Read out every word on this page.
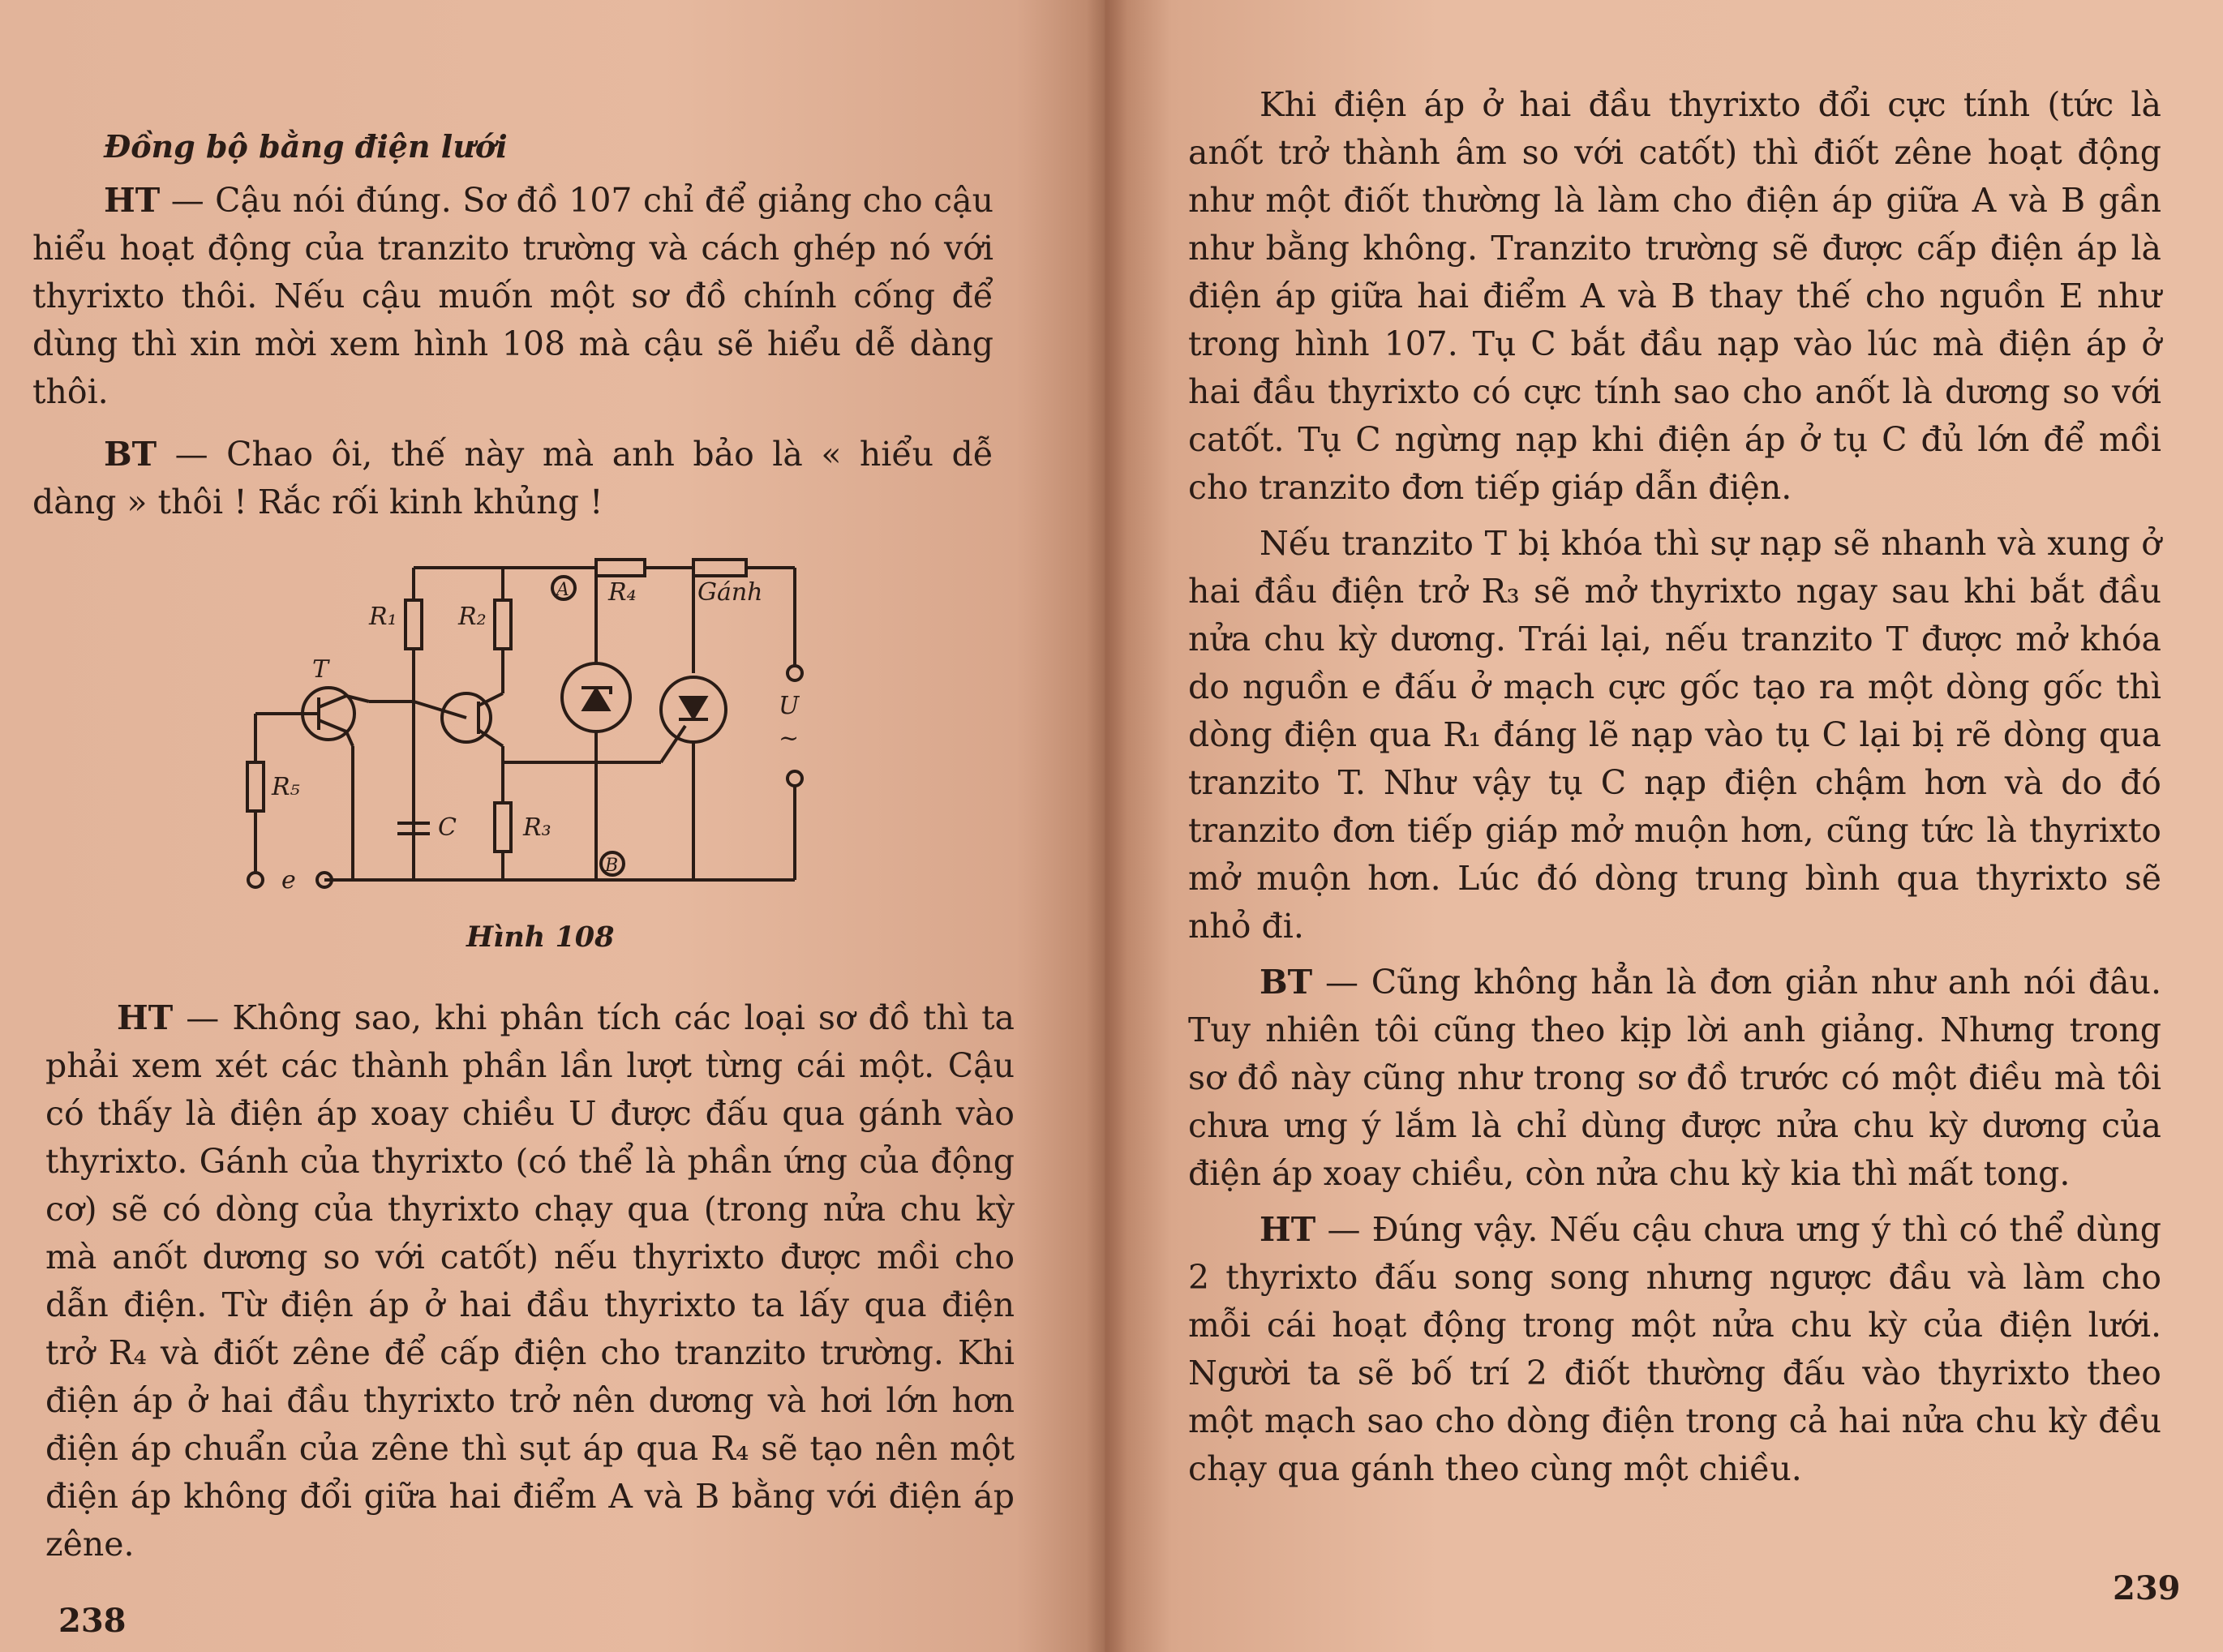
Đồng bộ bằng điện lưới

HT — Cậu nói đúng. Sơ đồ 107 chỉ để giảng cho cậu hiểu hoạt động của tranzito trường và cách ghép nó với thyrixto thôi. Nếu cậu muốn một sơ đồ chính cống để dùng thì xin mời xem hình 108 mà cậu sẽ hiểu dễ dàng thôi.

BT — Chao ôi, thế này mà anh bảo là « hiểu dễ dàng » thôi ! Rắc rối kinh khủng !

T
R₁	R₂
A R₄	Gánh
U
~
R₅
C	R₃
B
e
Hình 108

HT — Không sao, khi phân tích các loại sơ đồ thì ta phải xem xét các thành phần lần lượt từng cái một. Cậu có thấy là điện áp xoay chiều U được đấu qua gánh vào thyrixto. Gánh của thyrixto (có thể là phần ứng của động cơ) sẽ có dòng của thyrixto chạy qua (trong nửa chu kỳ mà anốt dương so với catốt) nếu thyrixto được mồi cho dẫn điện. Từ điện áp ở hai đầu thyrixto ta lấy qua điện trở R₄ và điốt zêne để cấp điện cho tranzito trường. Khi điện áp ở hai đầu thyrixto trở nên dương và hơi lớn hơn điện áp chuẩn của zêne thì sụt áp qua R₄ sẽ tạo nên một điện áp không đổi giữa hai điểm A và B bằng với điện áp zêne.

238

Khi điện áp ở hai đầu thyrixto đổi cực tính (tức là anốt trở thành âm so với catốt) thì điốt zêne hoạt động như một điốt thường là làm cho điện áp giữa A và B gần như bằng không. Tranzito trường sẽ được cấp điện áp là điện áp giữa hai điểm A và B thay thế cho nguồn E như trong hình 107. Tụ C bắt đầu nạp vào lúc mà điện áp ở hai đầu thyrixto có cực tính sao cho anốt là dương so với catốt. Tụ C ngừng nạp khi điện áp ở tụ C đủ lớn để mồi cho tranzito đơn tiếp giáp dẫn điện.

Nếu tranzito T bị khóa thì sự nạp sẽ nhanh và xung ở hai đầu điện trở R₃ sẽ mở thyrixto ngay sau khi bắt đầu nửa chu kỳ dương. Trái lại, nếu tranzito T được mở khóa do nguồn e đấu ở mạch cực gốc tạo ra một dòng gốc thì dòng điện qua R₁ đáng lẽ nạp vào tụ C lại bị rẽ dòng qua tranzito T. Như vậy tụ C nạp điện chậm hơn và do đó tranzito đơn tiếp giáp mở muộn hơn, cũng tức là thyrixto mở muộn hơn. Lúc đó dòng trung bình qua thyrixto sẽ nhỏ đi.

BT — Cũng không hẳn là đơn giản như anh nói đâu. Tuy nhiên tôi cũng theo kịp lời anh giảng. Nhưng trong sơ đồ này cũng như trong sơ đồ trước có một điều mà tôi chưa ưng ý lắm là chỉ dùng được nửa chu kỳ dương của điện áp xoay chiều, còn nửa chu kỳ kia thì mất tong.

HT — Đúng vậy. Nếu cậu chưa ưng ý thì có thể dùng 2 thyrixto đấu song song nhưng ngược đầu và làm cho mỗi cái hoạt động trong một nửa chu kỳ của điện lưới. Người ta sẽ bố trí 2 điốt thường đấu vào thyrixto theo một mạch sao cho dòng điện trong cả hai nửa chu kỳ đều chạy qua gánh theo cùng một chiều.

239
